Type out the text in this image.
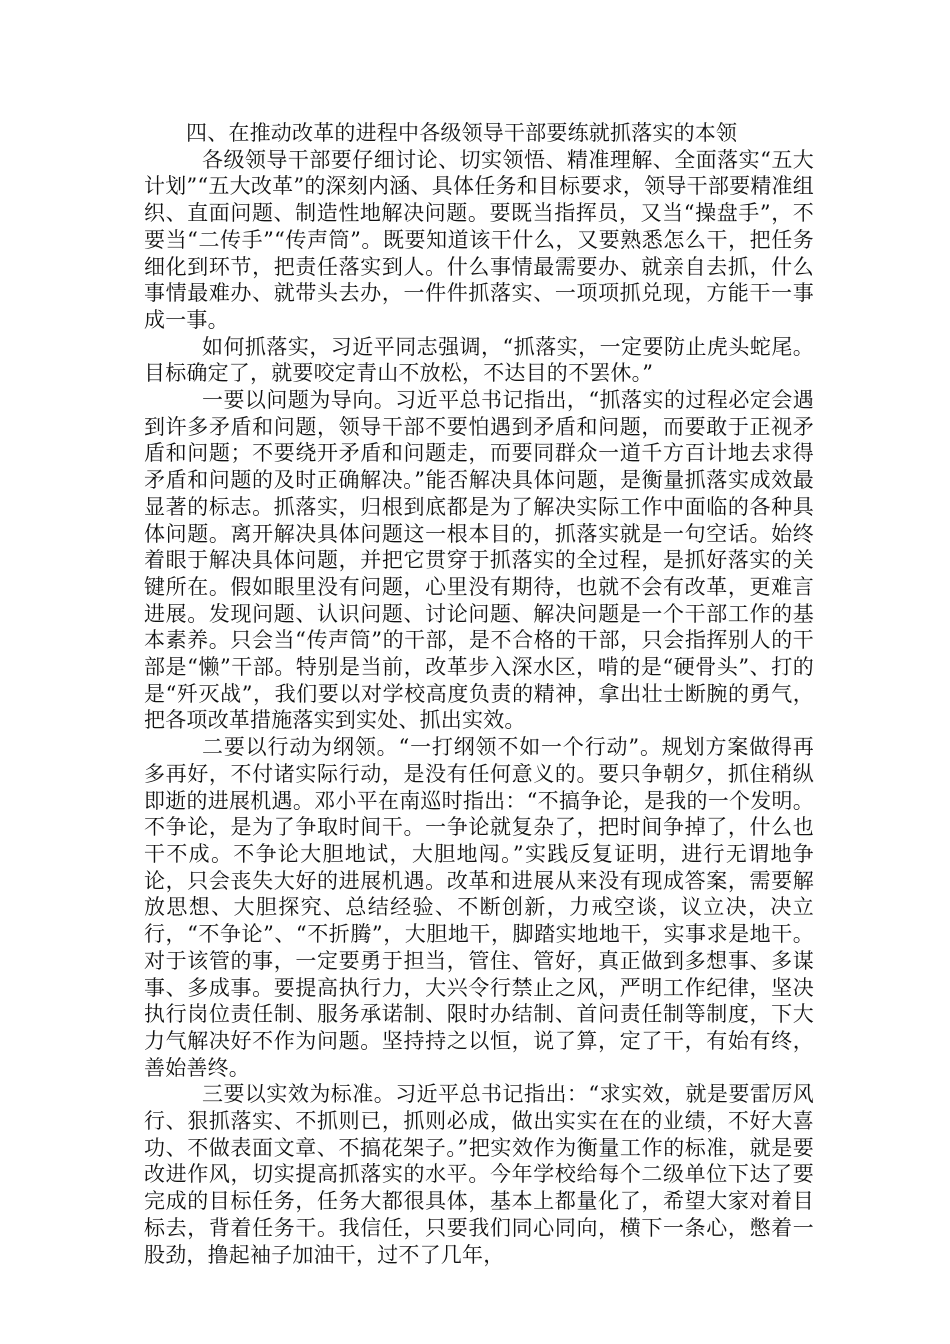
四、在推动改革的进程中各级领导干部要练就抓落实的本领

各级领导干部要仔细讨论、切实领悟、精准理解、全面落实“五大计划”“五大改革”的深刻内涵、具体任务和目标要求，领导干部要精准组织、直面问题、制造性地解决问题。要既当指挥员，又当“操盘手”，不要当“二传手”“传声筒”。既要知道该干什么，又要熟悉怎么干，把任务细化到环节，把责任落实到人。什么事情最需要办、就亲自去抓，什么事情最难办、就带头去办，一件件抓落实、一项项抓兑现，方能干一事成一事。

如何抓落实，习近平同志强调，“抓落实，一定要防止虎头蛇尾。目标确定了，就要咬定青山不放松，不达目的不罢休。”

一要以问题为导向。习近平总书记指出，“抓落实的过程必定会遇到许多矛盾和问题，领导干部不要怕遇到矛盾和问题，而要敢于正视矛盾和问题；不要绕开矛盾和问题走，而要同群众一道千方百计地去求得矛盾和问题的及时正确解决。”能否解决具体问题，是衡量抓落实成效最显著的标志。抓落实，归根到底都是为了解决实际工作中面临的各种具体问题。离开解决具体问题这一根本目的，抓落实就是一句空话。始终着眼于解决具体问题，并把它贯穿于抓落实的全过程，是抓好落实的关键所在。假如眼里没有问题，心里没有期待，也就不会有改革，更难言进展。发现问题、认识问题、讨论问题、解决问题是一个干部工作的基本素养。只会当“传声筒”的干部，是不合格的干部，只会指挥别人的干部是“懒”干部。特别是当前，改革步入深水区，啃的是“硬骨头”、打的是“歼灭战”，我们要以对学校高度负责的精神，拿出壮士断腕的勇气，把各项改革措施落实到实处、抓出实效。

二要以行动为纲领。“一打纲领不如一个行动”。规划方案做得再多再好，不付诸实际行动，是没有任何意义的。要只争朝夕，抓住稍纵即逝的进展机遇。邓小平在南巡时指出：“不搞争论，是我的一个发明。不争论，是为了争取时间干。一争论就复杂了，把时间争掉了，什么也干不成。不争论大胆地试，大胆地闯。”实践反复证明，进行无谓地争论，只会丧失大好的进展机遇。改革和进展从来没有现成答案，需要解放思想、大胆探究、总结经验、不断创新，力戒空谈，议立决，决立行，“不争论”、“不折腾”，大胆地干，脚踏实地地干，实事求是地干。对于该管的事，一定要勇于担当，管住、管好，真正做到多想事、多谋事、多成事。要提高执行力，大兴令行禁止之风，严明工作纪律，坚决执行岗位责任制、服务承诺制、限时办结制、首问责任制等制度，下大力气解决好不作为问题。坚持持之以恒，说了算，定了干，有始有终，善始善终。

三要以实效为标准。习近平总书记指出：“求实效，就是要雷厉风行、狠抓落实、不抓则已，抓则必成，做出实实在在的业绩，不好大喜功、不做表面文章、不搞花架子。”把实效作为衡量工作的标准，就是要改进作风，切实提高抓落实的水平。今年学校给每个二级单位下达了要完成的目标任务，任务大都很具体，基本上都量化了，希望大家对着目标去，背着任务干。我信任，只要我们同心同向，横下一条心，憋着一股劲，撸起袖子加油干，过不了几年，
